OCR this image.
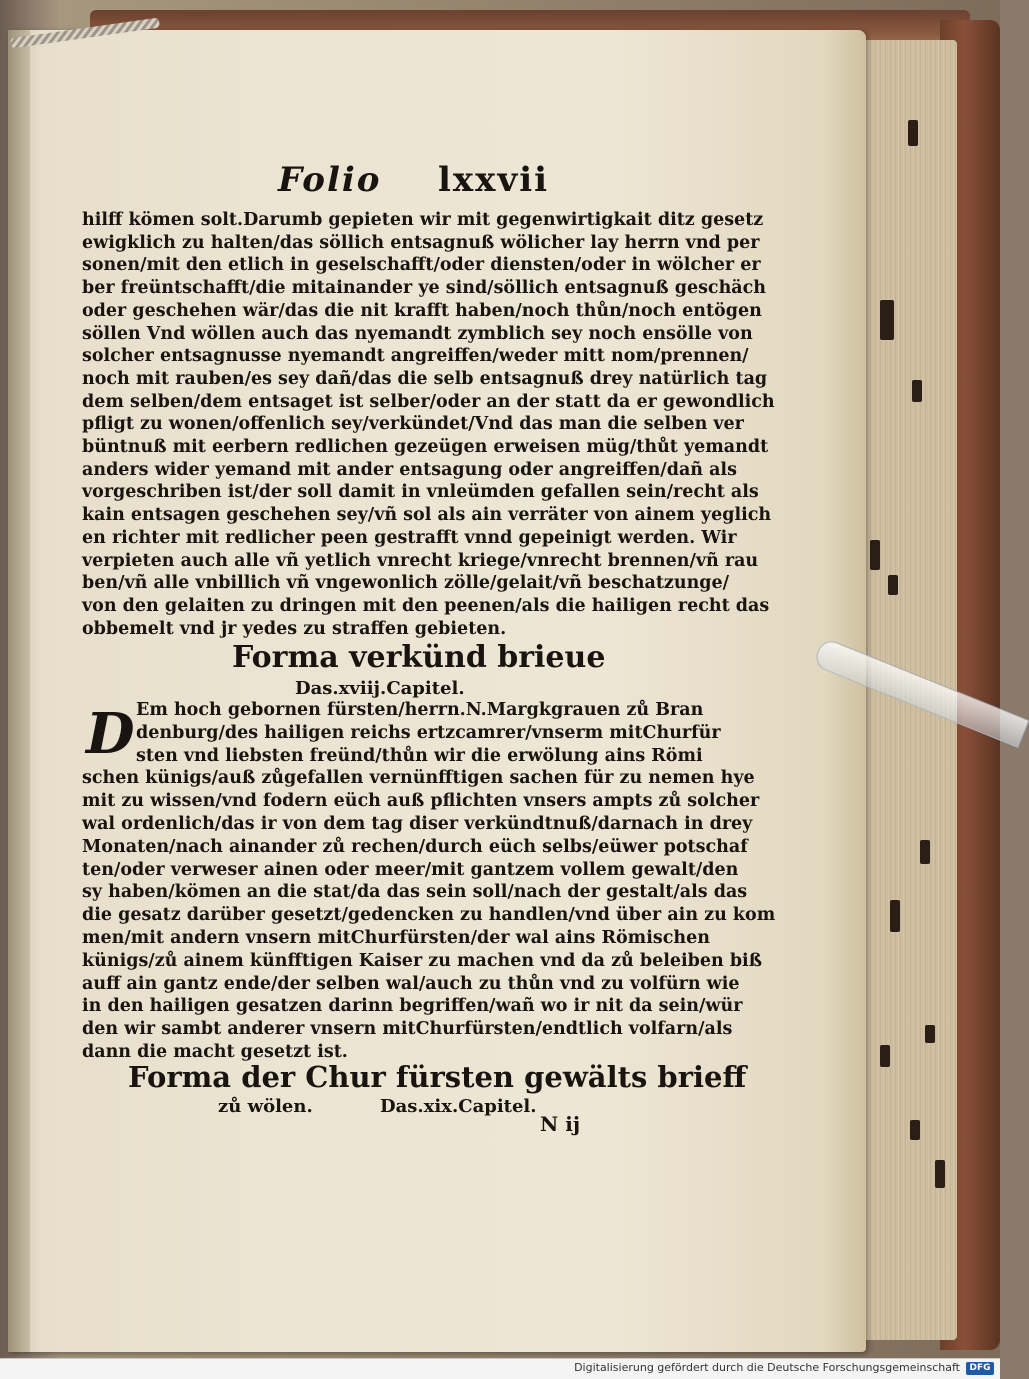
Folio lxxvii
hilff kömen solt.Darumb gepieten wir mit gegenwirtigkait ditz gesetz
ewigklich zu halten/das söllich entsagnuß wölicher lay herrn vnd per
sonen/mit den etlich in geselschafft/oder diensten/oder in wölcher er
ber freüntschafft/die mitainander ye sind/söllich entsagnuß geschäch
oder geschehen wär/das die nit krafft haben/noch thůn/noch entögen
söllen Vnd wöllen auch das nyemandt zymblich sey noch ensölle von
solcher entsagnusse nyemandt angreiffen/weder mitt nom/prennen/
noch mit rauben/es sey dañ/das die selb entsagnuß drey natürlich tag
dem selben/dem entsaget ist selber/oder an der statt da er gewondlich
pfligt zu wonen/offenlich sey/verkündet/Vnd das man die selben ver
büntnuß mit eerbern redlichen gezeügen erweisen müg/thůt yemandt
anders wider yemand mit ander entsagung oder angreiffen/dañ als
vorgeschriben ist/der soll damit in vnleümden gefallen sein/recht als
kain entsagen geschehen sey/vñ sol als ain verräter von ainem yeglich
en richter mit redlicher peen gestrafft vnnd gepeinigt werden. Wir
verpieten auch alle vñ yetlich vnrecht kriege/vnrecht brennen/vñ rau
ben/vñ alle vnbillich vñ vngewonlich zölle/gelait/vñ beschatzunge/
von den gelaiten zu dringen mit den peenen/als die hailigen recht das
obbemelt vnd jr yedes zu straffen gebieten.
Forma verkünd brieue
Das.xviij.Capitel.
D Em hoch gebornen fürsten/herrn.N.Margkgrauen zů Bran
denburg/des hailigen reichs ertzcamrer/vnserm mitChurfür
sten vnd liebsten freünd/thůn wir die erwölung ains Römi
schen künigs/auß zůgefallen vernünfftigen sachen für zu nemen hye
mit zu wissen/vnd fodern eüch auß pflichten vnsers ampts zů solcher
wal ordenlich/das ir von dem tag diser verkündtnuß/darnach in drey
Monaten/nach ainander zů rechen/durch eüch selbs/eüwer potschaf
ten/oder verweser ainen oder meer/mit gantzem vollem gewalt/den
sy haben/kömen an die stat/da das sein soll/nach der gestalt/als das
die gesatz darüber gesetzt/gedencken zu handlen/vnd über ain zu kom
men/mit andern vnsern mitChurfürsten/der wal ains Römischen
künigs/zů ainem künfftigen Kaiser zu machen vnd da zů beleiben biß
auff ain gantz ende/der selben wal/auch zu thůn vnd zu volfürn wie
in den hailigen gesatzen darinn begriffen/wañ wo ir nit da sein/wür
den wir sambt anderer vnsern mitChurfürsten/endtlich volfarn/als
dann die macht gesetzt ist.
Forma der Chur fürsten gewälts brieff
zů wölen.	Das.xix.Capitel.
N ij
Digitalisierung gefördert durch die Deutsche Forschungsgemeinschaft	DFG
